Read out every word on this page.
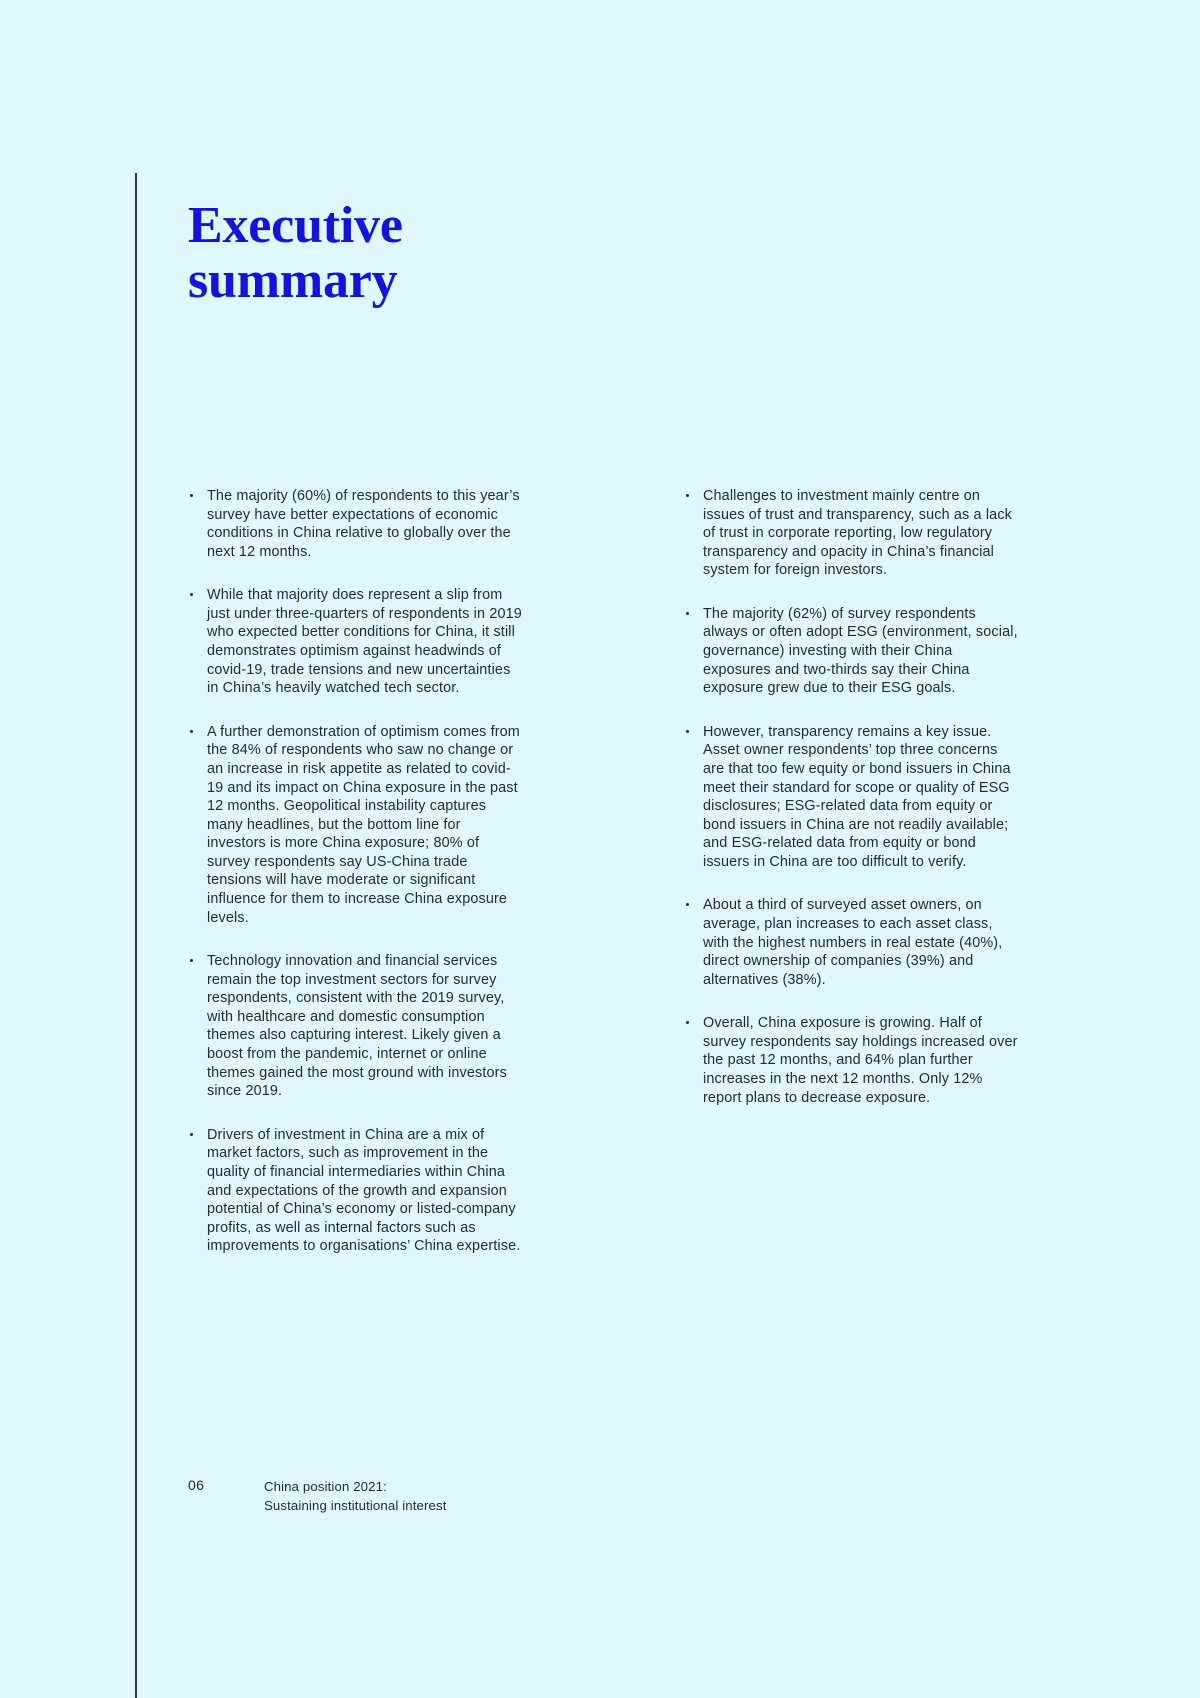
Executive
summary
The majority (60%) of respondents to this year’s survey have better expectations of economic conditions in China relative to globally over the next 12 months.
While that majority does represent a slip from just under three-quarters of respondents in 2019 who expected better conditions for China, it still demonstrates optimism against headwinds of covid-19, trade tensions and new uncertainties in China’s heavily watched tech sector.
A further demonstration of optimism comes from the 84% of respondents who saw no change or an increase in risk appetite as related to covid-19 and its impact on China exposure in the past 12 months. Geopolitical instability captures many headlines, but the bottom line for investors is more China exposure; 80% of survey respondents say US-China trade tensions will have moderate or significant influence for them to increase China exposure levels.
Technology innovation and financial services remain the top investment sectors for survey respondents, consistent with the 2019 survey, with healthcare and domestic consumption themes also capturing interest. Likely given a boost from the pandemic, internet or online themes gained the most ground with investors since 2019.
Drivers of investment in China are a mix of market factors, such as improvement in the quality of financial intermediaries within China and expectations of the growth and expansion potential of China’s economy or listed-company profits, as well as internal factors such as improvements to organisations’ China expertise.
Challenges to investment mainly centre on issues of trust and transparency, such as a lack of trust in corporate reporting, low regulatory transparency and opacity in China’s financial system for foreign investors.
The majority (62%) of survey respondents always or often adopt ESG (environment, social, governance) investing with their China exposures and two-thirds say their China exposure grew due to their ESG goals.
However, transparency remains a key issue. Asset owner respondents’ top three concerns are that too few equity or bond issuers in China meet their standard for scope or quality of ESG disclosures; ESG-related data from equity or bond issuers in China are not readily available; and ESG-related data from equity or bond issuers in China are too difficult to verify.
About a third of surveyed asset owners, on average, plan increases to each asset class, with the highest numbers in real estate (40%), direct ownership of companies (39%) and alternatives (38%).
Overall, China exposure is growing. Half of survey respondents say holdings increased over the past 12 months, and 64% plan further increases in the next 12 months. Only 12% report plans to decrease exposure.
06	China position 2021:
Sustaining institutional interest
